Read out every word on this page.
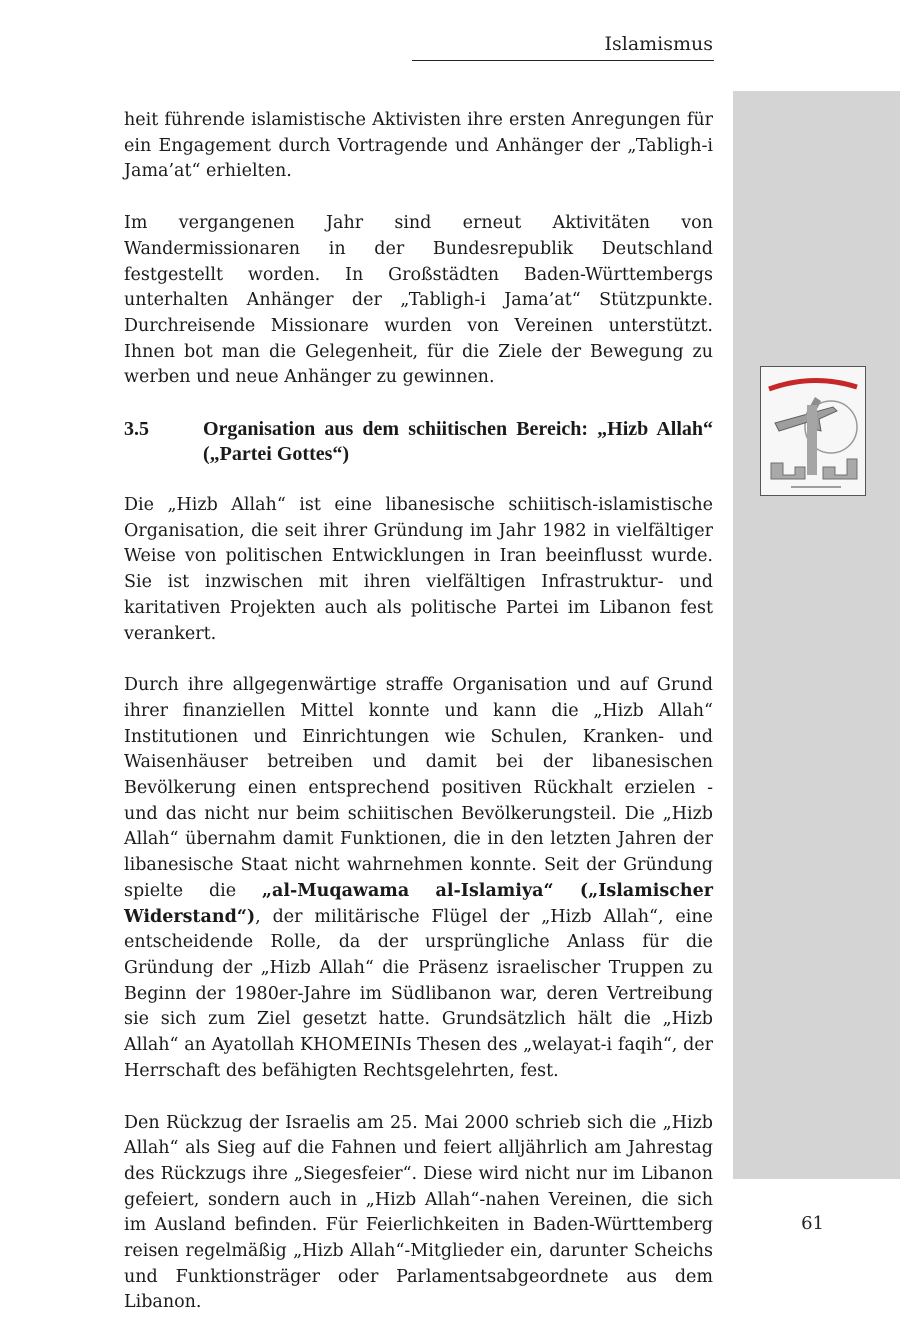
Islamismus

heit führende islamistische Aktivisten ihre ersten Anregungen für ein Engagement durch Vortragende und Anhänger der „Tabligh-i Jama’at“ erhielten.

Im vergangenen Jahr sind erneut Aktivitäten von Wandermissionaren in der Bundesrepublik Deutschland festgestellt worden. In Großstädten Baden-Württembergs unterhalten Anhänger der „Tabligh-i Jama’at“ Stützpunkte. Durchreisende Missionare wurden von Vereinen unterstützt. Ihnen bot man die Gelegenheit, für die Ziele der Bewegung zu werben und neue Anhänger zu gewinnen.

3.5	Organisation aus dem schiitischen Bereich: „Hizb Allah“ („Partei Gottes“)

Die „Hizb Allah“ ist eine libanesische schiitisch-islamistische Organisation, die seit ihrer Gründung im Jahr 1982 in vielfältiger Weise von politischen Entwicklungen in Iran beeinflusst wurde. Sie ist inzwischen mit ihren vielfältigen Infrastruktur- und karitativen Projekten auch als politische Partei im Libanon fest verankert.

Durch ihre allgegenwärtige straffe Organisation und auf Grund ihrer finanziellen Mittel konnte und kann die „Hizb Allah“ Institutionen und Einrichtungen wie Schulen, Kranken- und Waisenhäuser betreiben und damit bei der libanesischen Bevölkerung einen entsprechend positiven Rückhalt erzielen - und das nicht nur beim schiitischen Bevölkerungsteil. Die „Hizb Allah“ übernahm damit Funktionen, die in den letzten Jahren der libanesische Staat nicht wahrnehmen konnte. Seit der Gründung spielte die „al-Muqawama al-Islamiya“ („Islamischer Widerstand“), der militärische Flügel der „Hizb Allah“, eine entscheidende Rolle, da der ursprüngliche Anlass für die Gründung der „Hizb Allah“ die Präsenz israelischer Truppen zu Beginn der 1980er-Jahre im Südlibanon war, deren Vertreibung sie sich zum Ziel gesetzt hatte. Grundsätzlich hält die „Hizb Allah“ an Ayatollah KHOMEINIs Thesen des „welayat-i faqih“, der Herrschaft des befähigten Rechtsgelehrten, fest.

Den Rückzug der Israelis am 25. Mai 2000 schrieb sich die „Hizb Allah“ als Sieg auf die Fahnen und feiert alljährlich am Jahrestag des Rückzugs ihre „Siegesfeier“. Diese wird nicht nur im Libanon gefeiert, sondern auch in „Hizb Allah“-nahen Vereinen, die sich im Ausland befinden. Für Feierlichkeiten in Baden-Württemberg reisen regelmäßig „Hizb Allah“-Mitglieder ein, darunter Scheichs und Funktionsträger oder Parlamentsabgeordnete aus dem Libanon.

61
